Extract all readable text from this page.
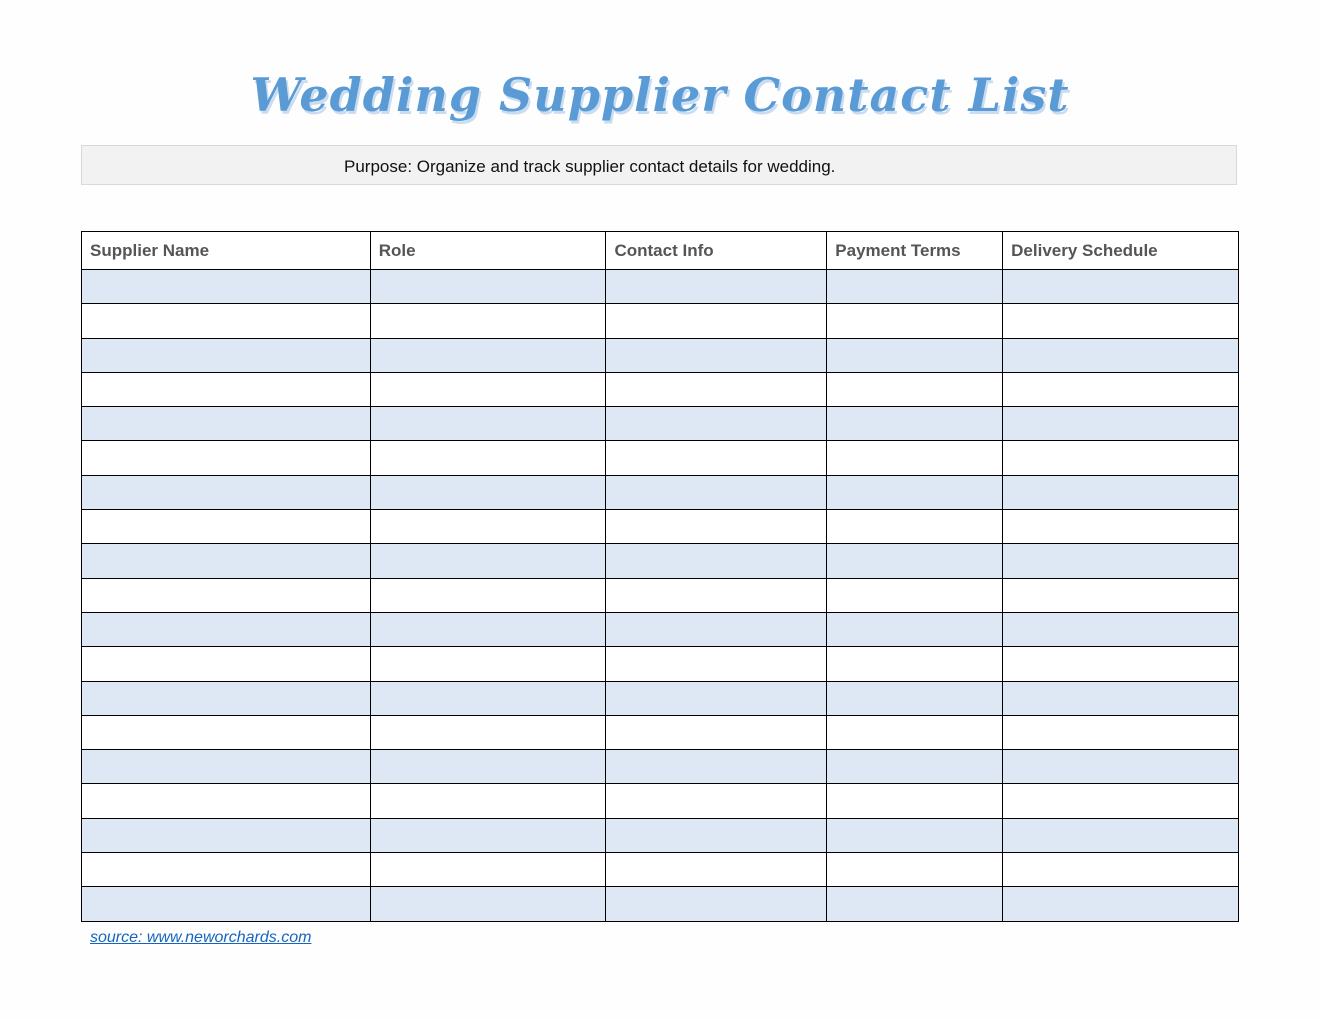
Wedding Supplier Contact List
Purpose: Organize and track supplier contact details for wedding.
Supplier Name	Role	Contact Info	Payment Terms	Delivery Schedule

source: www.neworchards.com
